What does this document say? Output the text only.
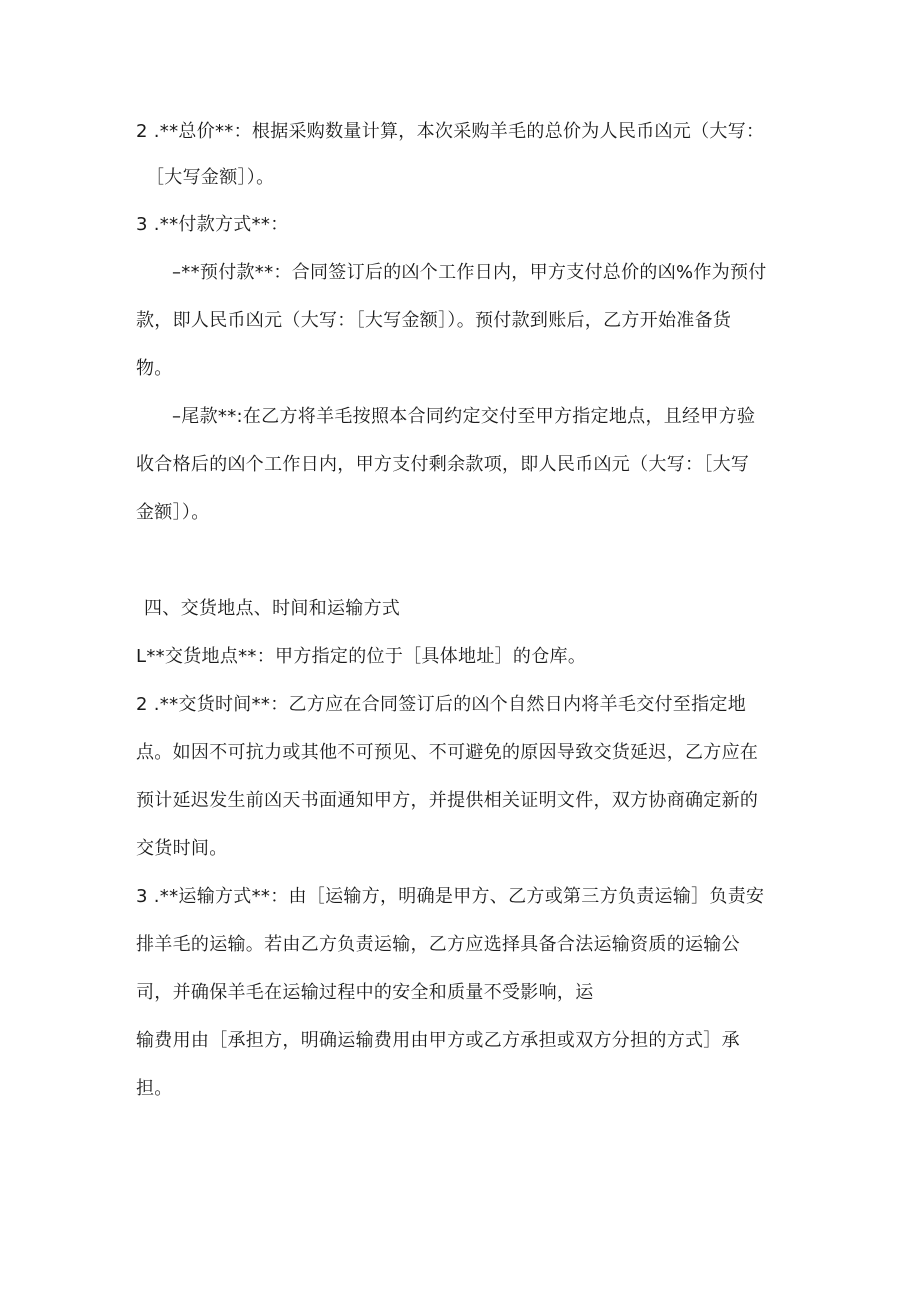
2 .**总价**：根据采购数量计算，本次采购羊毛的总价为人民币凶元（大写：
［大写金额］）。
3 .**付款方式**：
–**预付款**：合同签订后的凶个工作日内，甲方支付总价的凶%作为预付
款，即人民币凶元（大写：［大写金额］）。预付款到账后，乙方开始准备货
物。
–尾款**:在乙方将羊毛按照本合同约定交付至甲方指定地点，且经甲方验
收合格后的凶个工作日内，甲方支付剩余款项，即人民币凶元（大写：［大写
金额］）。
四、交货地点、时间和运输方式
L**交货地点**：甲方指定的位于［具体地址］的仓库。
2 .**交货时间**：乙方应在合同签订后的凶个自然日内将羊毛交付至指定地
点。如因不可抗力或其他不可预见、不可避免的原因导致交货延迟，乙方应在
预计延迟发生前凶天书面通知甲方，并提供相关证明文件，双方协商确定新的
交货时间。
3 .**运输方式**：由［运输方，明确是甲方、乙方或第三方负责运输］负责安
排羊毛的运输。若由乙方负责运输，乙方应选择具备合法运输资质的运输公
司，并确保羊毛在运输过程中的安全和质量不受影响，运
输费用由［承担方，明确运输费用由甲方或乙方承担或双方分担的方式］承
担。
